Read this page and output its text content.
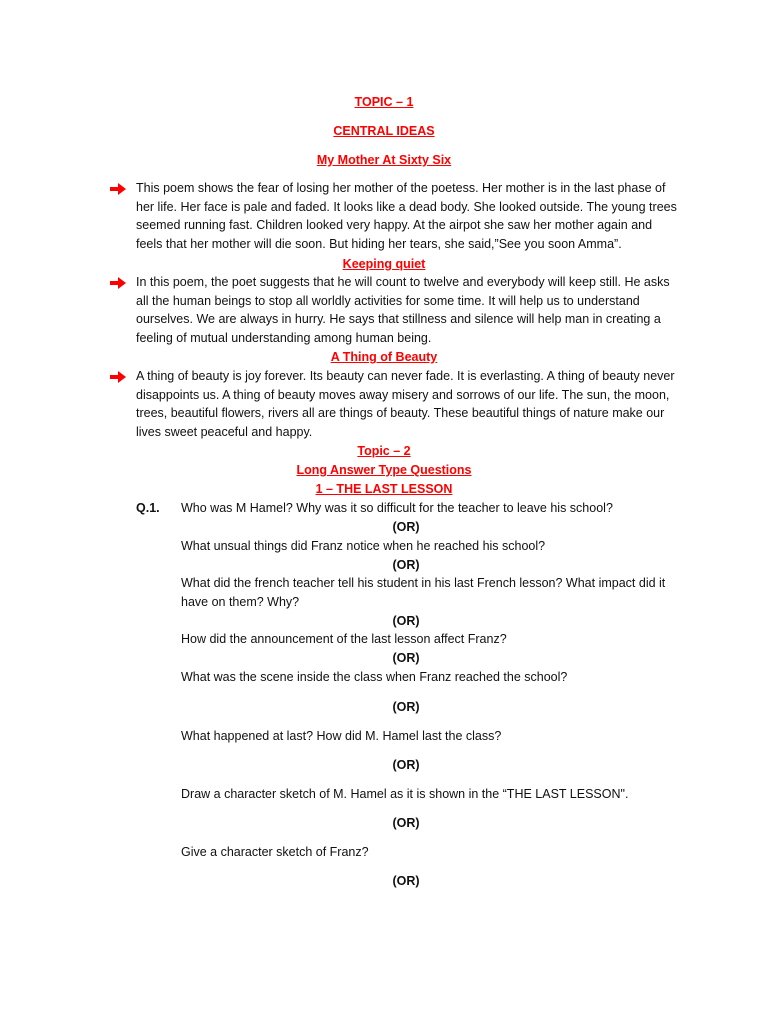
TOPIC – 1
CENTRAL IDEAS
My Mother At Sixty Six

This poem shows the fear of losing her mother of the poetess. Her mother is in the last phase of her life. Her face is pale and faded. It looks like a dead body. She looked outside. The young trees seemed running fast. Children looked very happy. At the airpot she saw her mother again and feels that her mother will die soon. But hiding her tears, she said,”See you soon Amma”.

Keeping quiet

In this poem, the poet suggests that he will count to twelve and everybody will keep still. He asks all the human beings to stop all worldly activities for some time. It will help us to understand ourselves. We are always in hurry. He says that stillness and silence will help man in creating a feeling of mutual understanding among human being.

A Thing of Beauty

A thing of beauty is joy forever. Its beauty can never fade. It is everlasting. A thing of beauty never disappoints us. A thing of beauty moves away misery and sorrows of our life. The sun, the moon, trees, beautiful flowers, rivers all are things of beauty. These beautiful things of nature make our lives sweet peaceful and happy.

Topic – 2
Long Answer Type Questions
1 – THE LAST LESSON
Q.1. Who was M Hamel? Why was it so difficult for the teacher to leave his school?
(OR)
What unsual things did Franz notice when he reached his school?
(OR)
What did the french teacher tell his student in his last French lesson? What impact did it have on them? Why?
(OR)
How did the announcement of the last lesson affect Franz?
(OR)
What was the scene inside the class when Franz reached the school?
(OR)
What happened at last? How did M. Hamel last the class?
(OR)
Draw a character sketch of M. Hamel as it is shown in the “THE LAST LESSON".
(OR)
Give a character sketch of Franz?
(OR)
